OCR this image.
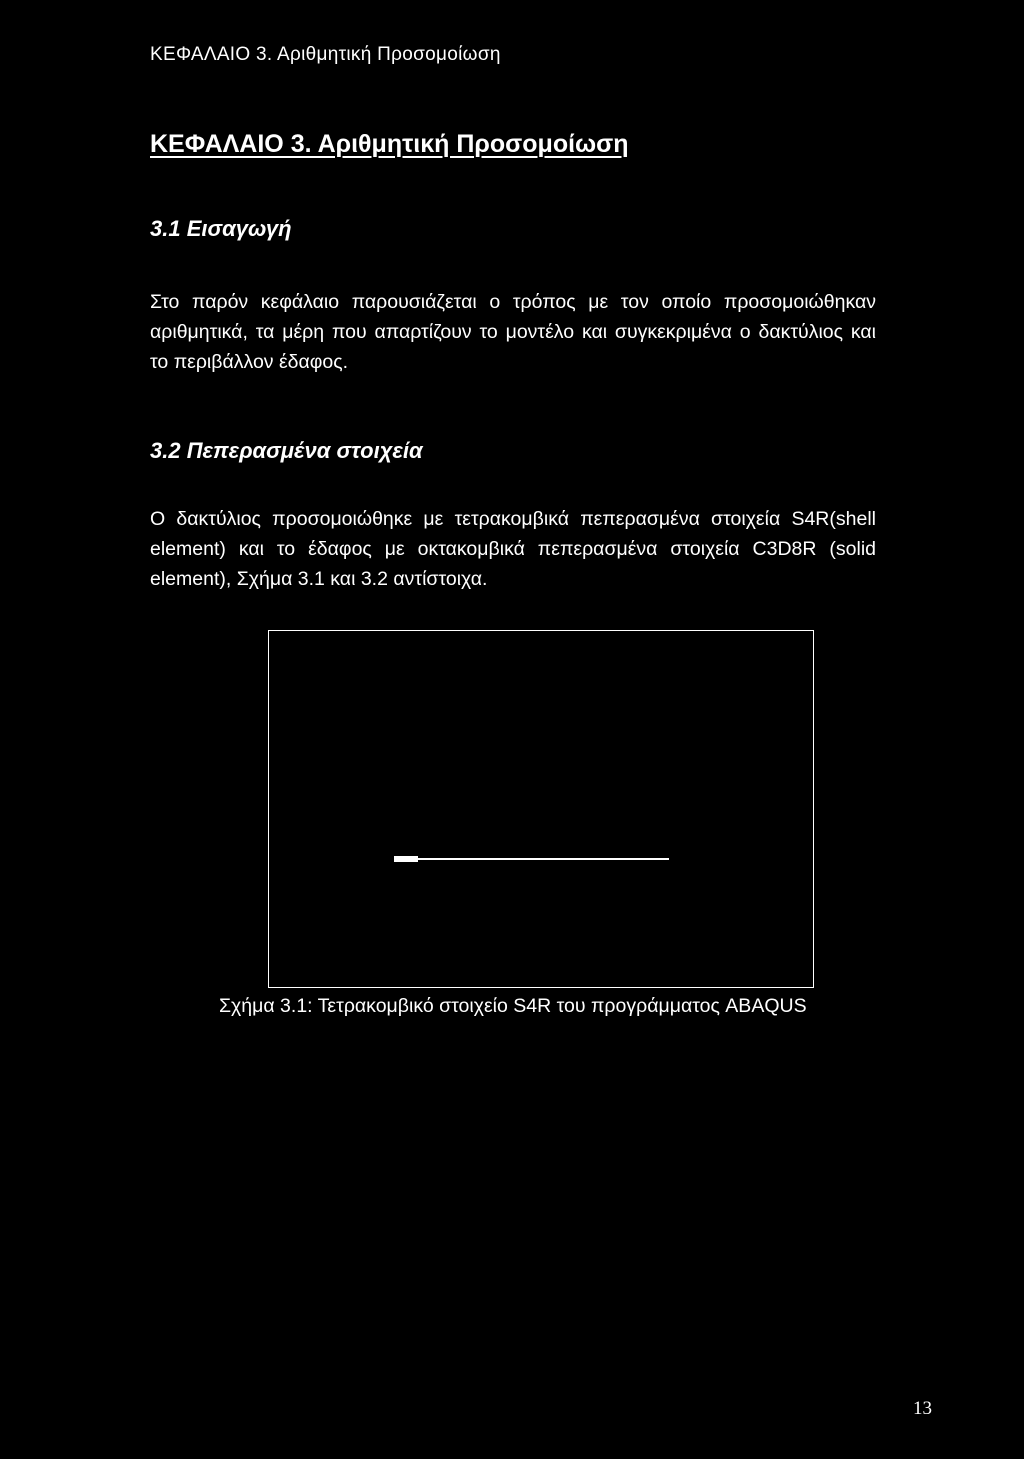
ΚΕΦΑΛΑΙΟ 3. Αριθμητική Προσομοίωση
ΚΕΦΑΛΑΙΟ 3. Αριθμητική Προσομοίωση
3.1 Εισαγωγή
Στο παρόν κεφάλαιο παρουσιάζεται ο τρόπος με τον οποίο προσομοιώθηκαν
αριθμητικά, τα μέρη που απαρτίζουν το μοντέλο και συγκεκριμένα ο δακτύλιος και
το περιβάλλον έδαφος.
3.2 Πεπερασμένα στοιχεία
Ο δακτύλιος προσομοιώθηκε με τετρακομβικά πεπερασμένα στοιχεία S4R(shell
element) και το έδαφος με οκτακομβικά πεπερασμένα στοιχεία C3D8R (solid
element), Σχήμα 3.1 και 3.2 αντίστοιχα.
Σχήμα 3.1: Τετρακομβικό στοιχείο S4R του προγράμματος ABAQUS
13
